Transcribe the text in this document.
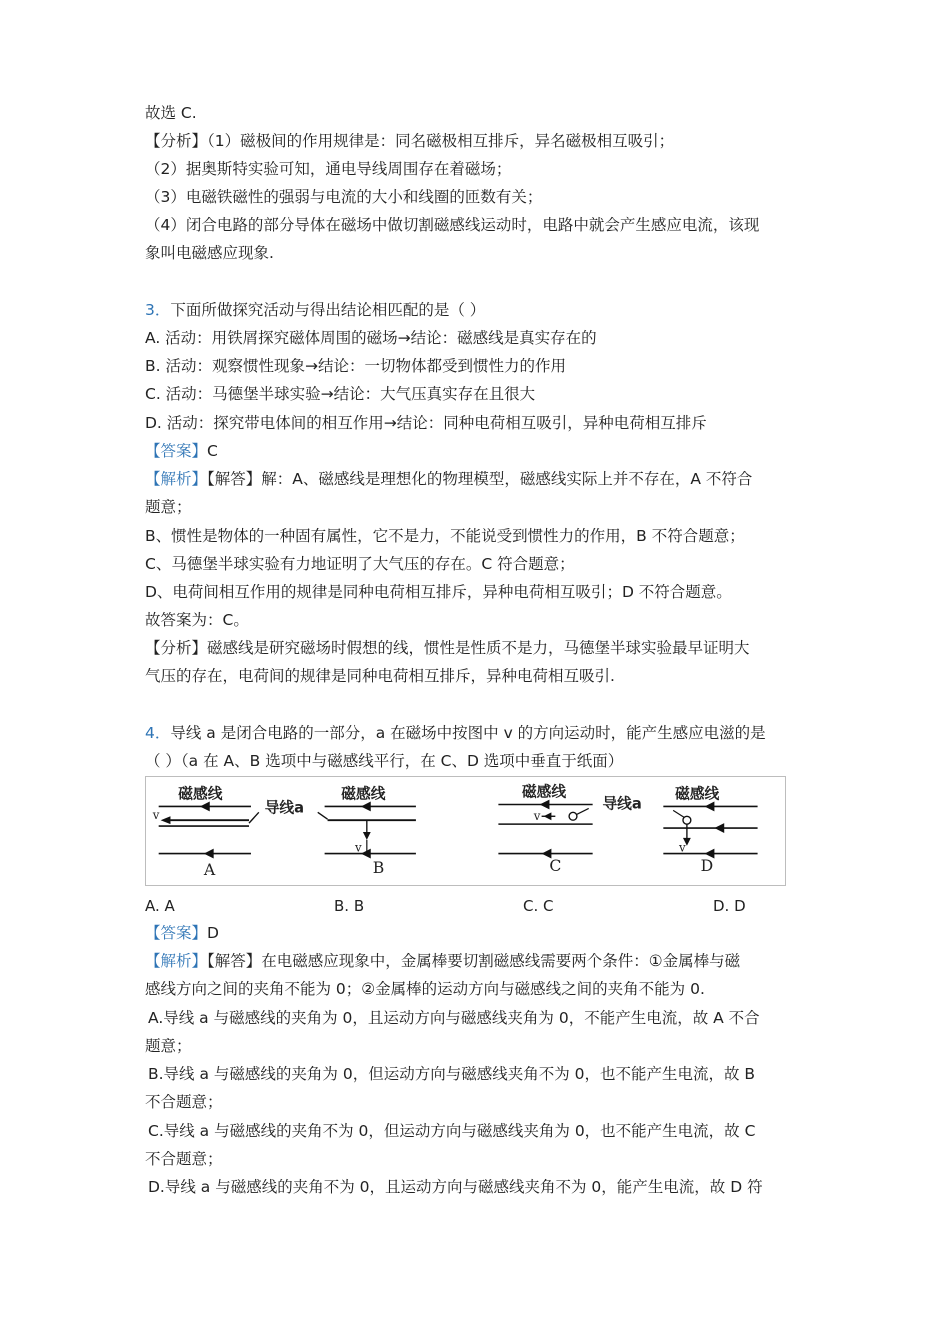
故选 C.
【分析】（1）磁极间的作用规律是：同名磁极相互排斥，异名磁极相互吸引；
（2）据奥斯特实验可知，通电导线周围存在着磁场；
（3）电磁铁磁性的强弱与电流的大小和线圈的匝数有关；
（4）闭合电路的部分导体在磁场中做切割磁感线运动时，电路中就会产生感应电流，该现
象叫电磁感应现象.
3．下面所做探究活动与得出结论相匹配的是（ ）
A. 活动：用铁屑探究磁体周围的磁场→结论：磁感线是真实存在的
B. 活动：观察惯性现象→结论：一切物体都受到惯性力的作用
C. 活动：马德堡半球实验→结论：大气压真实存在且很大
D. 活动：探究带电体间的相互作用→结论：同种电荷相互吸引，异种电荷相互排斥
【答案】C
【解析】【解答】解：A、磁感线是理想化的物理模型，磁感线实际上并不存在，A 不符合
题意；
B、惯性是物体的一种固有属性，它不是力，不能说受到惯性力的作用，B 不符合题意；
C、马德堡半球实验有力地证明了大气压的存在。C 符合题意；
D、电荷间相互作用的规律是同种电荷相互排斥，异种电荷相互吸引；D 不符合题意。
故答案为：C。
【分析】磁感线是研究磁场时假想的线，惯性是性质不是力，马德堡半球实验最早证明大
气压的存在，电荷间的规律是同种电荷相互排斥，异种电荷相互吸引.
4．导线 a 是闭合电路的一部分，a 在磁场中按图中 v 的方向运动时，能产生感应电滋的是
（ ）（a 在 A、B 选项中与磁感线平行，在 C、D 选项中垂直于纸面）
磁感线
v
A
导线a
磁感线
v
B
磁感线
v
C
导线a
磁感线
v
D
A. A	B. B	C. C	D. D
【答案】D
【解析】【解答】在电磁感应现象中，金属棒要切割磁感线需要两个条件：①金属棒与磁
感线方向之间的夹角不能为 0；②金属棒的运动方向与磁感线之间的夹角不能为 0.
A.导线 a 与磁感线的夹角为 0，且运动方向与磁感线夹角为 0，不能产生电流，故 A 不合
题意；
B.导线 a 与磁感线的夹角为 0，但运动方向与磁感线夹角不为 0，也不能产生电流，故 B
不合题意；
C.导线 a 与磁感线的夹角不为 0，但运动方向与磁感线夹角为 0，也不能产生电流，故 C
不合题意；
D.导线 a 与磁感线的夹角不为 0，且运动方向与磁感线夹角不为 0，能产生电流，故 D 符
